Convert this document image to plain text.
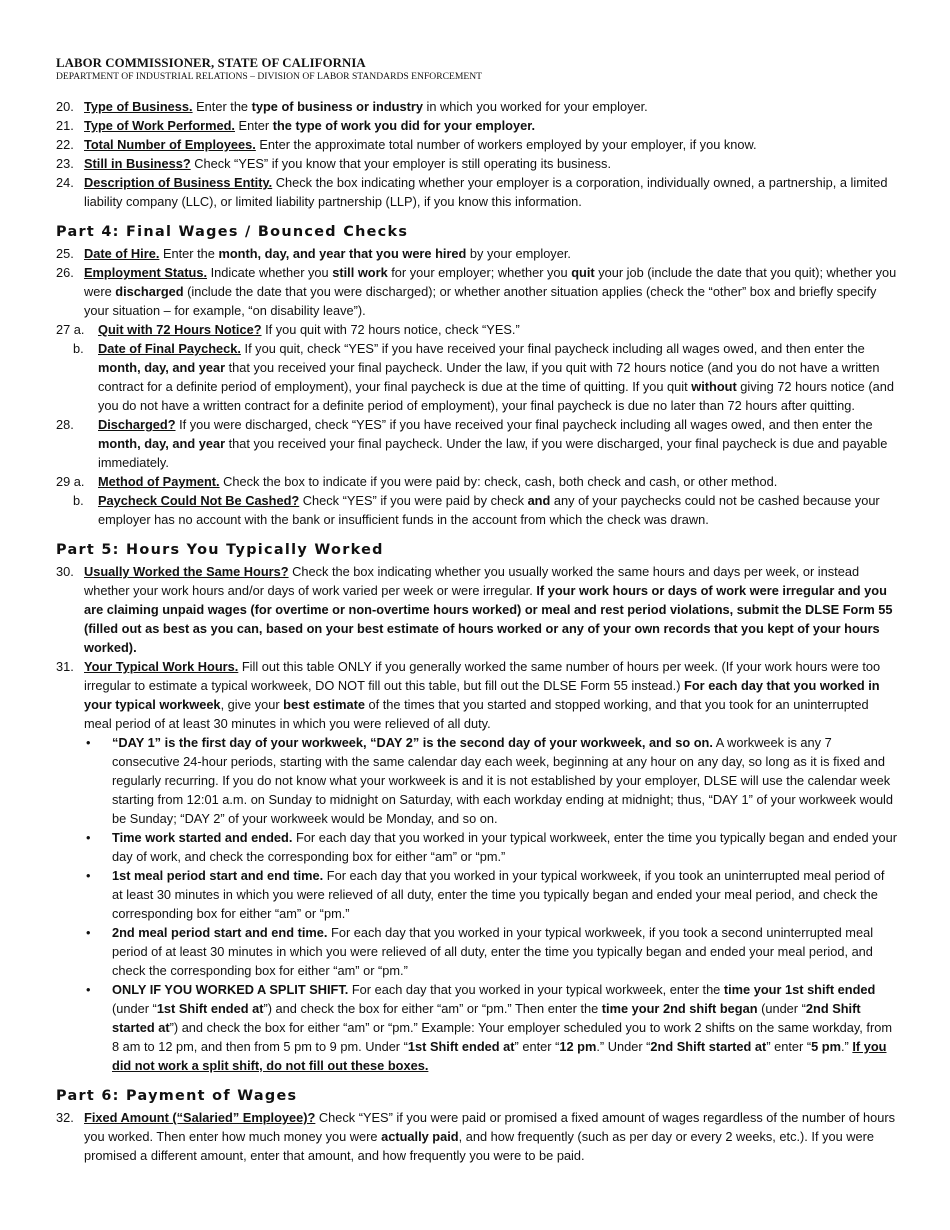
LABOR COMMISSIONER, STATE OF CALIFORNIA
DEPARTMENT OF INDUSTRIAL RELATIONS – DIVISION OF LABOR STANDARDS ENFORCEMENT
20. Type of Business. Enter the type of business or industry in which you worked for your employer.
21. Type of Work Performed. Enter the type of work you did for your employer.
22. Total Number of Employees. Enter the approximate total number of workers employed by your employer, if you know.
23. Still in Business? Check “YES” if you know that your employer is still operating its business.
24. Description of Business Entity. Check the box indicating whether your employer is a corporation, individually owned, a partnership, a limited liability company (LLC), or limited liability partnership (LLP), if you know this information.
Part 4: Final Wages / Bounced Checks
25. Date of Hire. Enter the month, day, and year that you were hired by your employer.
26. Employment Status. Indicate whether you still work for your employer; whether you quit your job (include the date that you quit); whether you were discharged (include the date that you were discharged); or whether another situation applies (check the “other” box and briefly specify your situation – for example, “on disability leave”).
27 a. Quit with 72 Hours Notice? If you quit with 72 hours notice, check “YES.”
b. Date of Final Paycheck. If you quit, check “YES” if you have received your final paycheck including all wages owed, and then enter the month, day, and year that you received your final paycheck. Under the law, if you quit with 72 hours notice (and you do not have a written contract for a definite period of employment), your final paycheck is due at the time of quitting. If you quit without giving 72 hours notice (and you do not have a written contract for a definite period of employment), your final paycheck is due no later than 72 hours after quitting.
28. Discharged? If you were discharged, check “YES” if you have received your final paycheck including all wages owed, and then enter the month, day, and year that you received your final paycheck. Under the law, if you were discharged, your final paycheck is due and payable immediately.
29 a. Method of Payment. Check the box to indicate if you were paid by: check, cash, both check and cash, or other method.
b. Paycheck Could Not Be Cashed? Check “YES” if you were paid by check and any of your paychecks could not be cashed because your employer has no account with the bank or insufficient funds in the account from which the check was drawn.
Part 5: Hours You Typically Worked
30. Usually Worked the Same Hours? Check the box indicating whether you usually worked the same hours and days per week, or instead whether your work hours and/or days of work varied per week or were irregular. If your work hours or days of work were irregular and you are claiming unpaid wages (for overtime or non-overtime hours worked) or meal and rest period violations, submit the DLSE Form 55 (filled out as best as you can, based on your best estimate of hours worked or any of your own records that you kept of your hours worked).
31. Your Typical Work Hours. Fill out this table ONLY if you generally worked the same number of hours per week. (If your work hours were too irregular to estimate a typical workweek, DO NOT fill out this table, but fill out the DLSE Form 55 instead.) For each day that you worked in your typical workweek, give your best estimate of the times that you started and stopped working, and that you took for an uninterrupted meal period of at least 30 minutes in which you were relieved of all duty.
• “DAY 1” is the first day of your workweek, “DAY 2” is the second day of your workweek, and so on. A workweek is any 7 consecutive 24-hour periods, starting with the same calendar day each week, beginning at any hour on any day, so long as it is fixed and regularly recurring. If you do not know what your workweek is and it is not established by your employer, DLSE will use the calendar week starting from 12:01 a.m. on Sunday to midnight on Saturday, with each workday ending at midnight; thus, “DAY 1” of your workweek would be Sunday; “DAY 2” of your workweek would be Monday, and so on.
• Time work started and ended. For each day that you worked in your typical workweek, enter the time you typically began and ended your day of work, and check the corresponding box for either “am” or “pm.”
• 1st meal period start and end time. For each day that you worked in your typical workweek, if you took an uninterrupted meal period of at least 30 minutes in which you were relieved of all duty, enter the time you typically began and ended your meal period, and check the corresponding box for either “am” or “pm.”
• 2nd meal period start and end time. For each day that you worked in your typical workweek, if you took a second uninterrupted meal period of at least 30 minutes in which you were relieved of all duty, enter the time you typically began and ended your meal period, and check the corresponding box for either “am” or “pm.”
• ONLY IF YOU WORKED A SPLIT SHIFT. For each day that you worked in your typical workweek, enter the time your 1st shift ended (under “1st Shift ended at”) and check the box for either “am” or “pm.” Then enter the time your 2nd shift began (under “2nd Shift started at”) and check the box for either “am” or “pm.” Example: Your employer scheduled you to work 2 shifts on the same workday, from 8 am to 12 pm, and then from 5 pm to 9 pm. Under “1st Shift ended at” enter “12 pm.” Under “2nd Shift started at” enter “5 pm.” If you did not work a split shift, do not fill out these boxes.
Part 6: Payment of Wages
32. Fixed Amount (“Salaried” Employee)? Check “YES” if you were paid or promised a fixed amount of wages regardless of the number of hours you worked. Then enter how much money you were actually paid, and how frequently (such as per day or every 2 weeks, etc.). If you were promised a different amount, enter that amount, and how frequently you were to be paid.
